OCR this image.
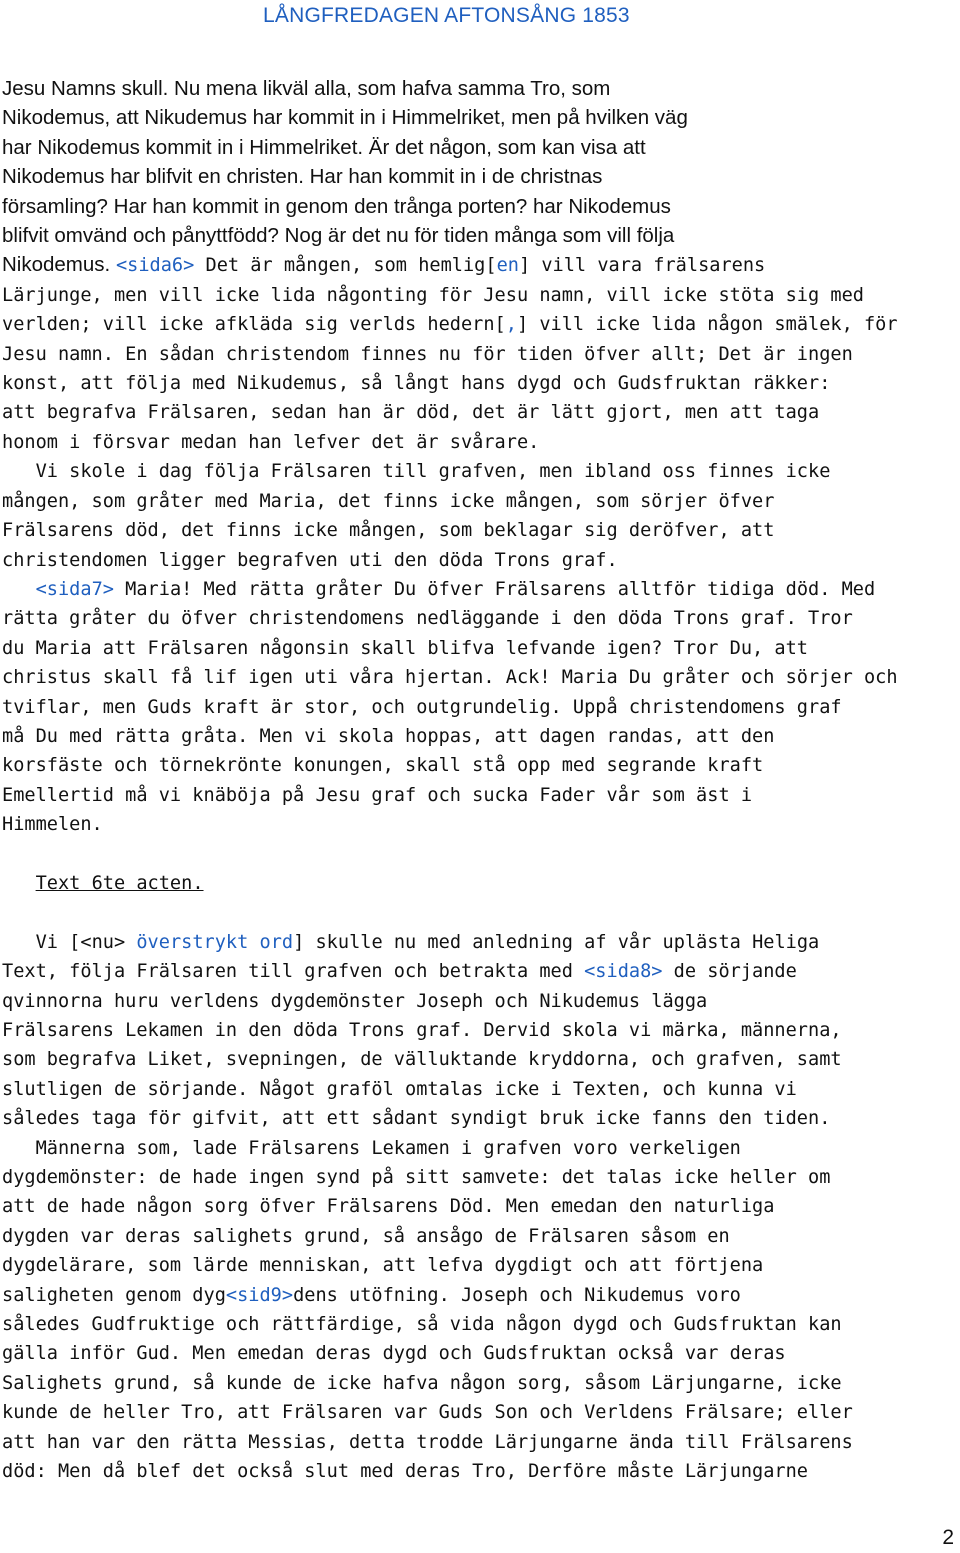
LÅNGFREDAGEN AFTONSÅNG 1853
Jesu Namns skull. Nu mena likväl alla, som hafva samma Tro, som
Nikodemus, att Nikudemus har kommit in i Himmelriket, men på hvilken väg
har Nikodemus kommit in i Himmelriket. Är det någon, som kan visa att
Nikodemus har blifvit en christen. Har han kommit in i de christnas
församling? Har han kommit in genom den trånga porten? har Nikodemus
blifvit omvänd och pånyttfödd? Nog är det nu för tiden många som vill följa
Nikodemus. <sida6> Det är mången, som hemlig[en] vill vara frälsarens
Lärjunge, men vill icke lida någonting för Jesu namn, vill icke stöta sig med
verlden; vill icke afkläda sig verlds hedern[,] vill icke lida någon smälek, för
Jesu namn. En sådan christendom finnes nu för tiden öfver allt; Det är ingen
konst, att följa med Nikudemus, så långt hans dygd och Gudsfruktan räkker:
att begrafva Frälsaren, sedan han är död, det är lätt gjort, men att taga
honom i försvar medan han lefver det är svårare.
Vi skole i dag följa Frälsaren till grafven, men ibland oss finnes icke
mången, som gråter med Maria, det finns icke mången, som sörjer öfver
Frälsarens död, det finns icke mången, som beklagar sig deröfver, att
christendomen ligger begrafven uti den döda Trons graf.
<sida7> Maria! Med rätta gråter Du öfver Frälsarens alltför tidiga död. Med
rätta gråter du öfver christendomens nedläggande i den döda Trons graf. Tror
du Maria att Frälsaren någonsin skall blifva lefvande igen? Tror Du, att
christus skall få lif igen uti våra hjertan. Ack! Maria Du gråter och sörjer och
tviflar, men Guds kraft är stor, och outgrundelig. Uppå christendomens graf
må Du med rätta gråta. Men vi skola hoppas, att dagen randas, att den
korsfäste och törnekrönte konungen, skall stå opp med segrande kraft
Emellertid må vi knäböja på Jesu graf och sucka Fader vår som äst i
Himmelen.
Text 6te acten.
Vi [<nu> överstrykt ord] skulle nu med anledning af vår uplästa Heliga
Text, följa Frälsaren till grafven och betrakta med <sida8> de sörjande
qvinnorna huru verldens dygdemönster Joseph och Nikudemus lägga
Frälsarens Lekamen in den döda Trons graf. Dervid skola vi märka, männerna,
som begrafva Liket, svepningen, de välluktande kryddorna, och grafven, samt
slutligen de sörjande. Något graföl omtalas icke i Texten, och kunna vi
således taga för gifvit, att ett sådant syndigt bruk icke fanns den tiden.
Männerna som, lade Frälsarens Lekamen i grafven voro verkeligen
dygdemönster: de hade ingen synd på sitt samvete: det talas icke heller om
att de hade någon sorg öfver Frälsarens Död. Men emedan den naturliga
dygden var deras salighets grund, så ansågo de Frälsaren såsom en
dygdelärare, som lärde menniskan, att lefva dygdigt och att förtjena
saligheten genom dyg<sid9>dens utöfning. Joseph och Nikudemus voro
således Gudfruktige och rättfärdige, så vida någon dygd och Gudsfruktan kan
gälla inför Gud. Men emedan deras dygd och Gudsfruktan också var deras
Salighets grund, så kunde de icke hafva någon sorg, såsom Lärjungarne, icke
kunde de heller Tro, att Frälsaren var Guds Son och Verldens Frälsare; eller
att han var den rätta Messias, detta trodde Lärjungarne ända till Frälsarens
död: Men då blef det också slut med deras Tro, Derföre måste Lärjungarne
2
